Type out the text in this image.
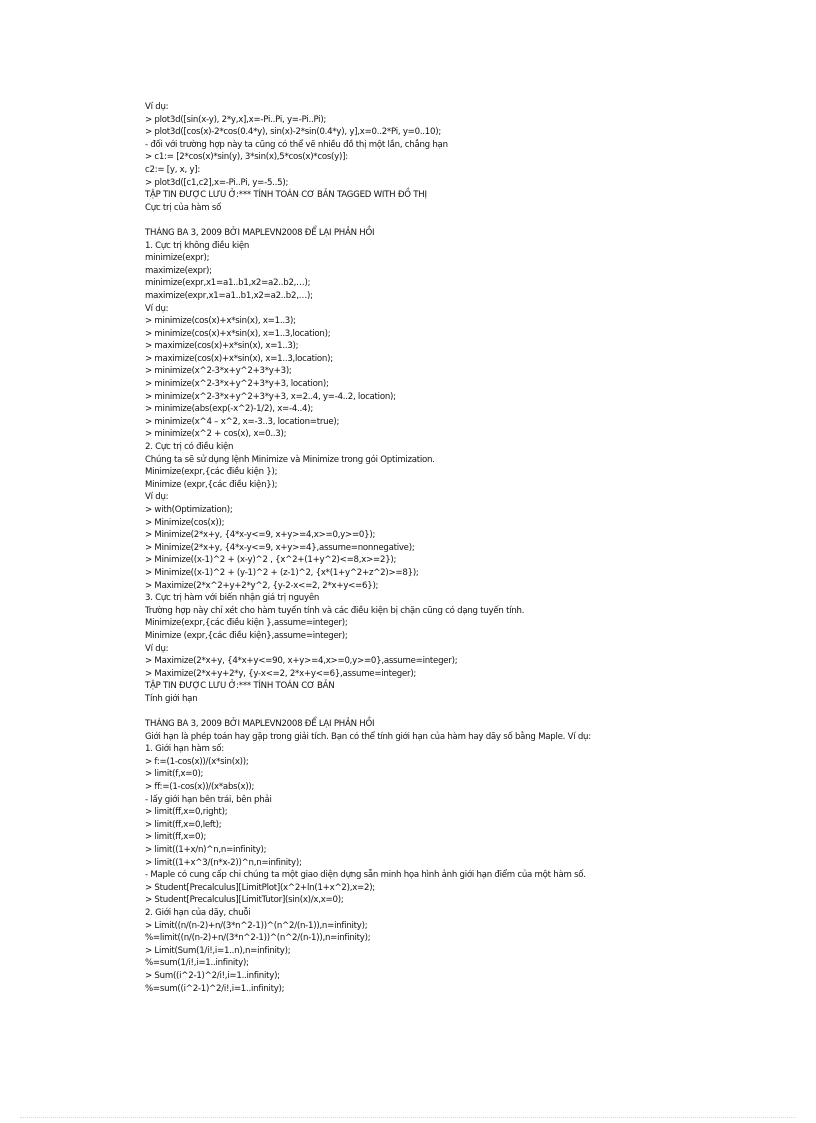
Ví dụ:
> plot3d([sin(x-y), 2*y,x],x=-Pi..Pi, y=-Pi..Pi);
> plot3d([cos(x)-2*cos(0.4*y), sin(x)-2*sin(0.4*y), y],x=0..2*Pi, y=0..10);
- đối với trường hợp này ta cũng có thể vẽ nhiều đồ thị một lần, chẳng hạn
> c1:= [2*cos(x)*sin(y), 3*sin(x),5*cos(x)*cos(y)]:
c2:= [y, x, y]:
> plot3d([c1,c2],x=-Pi..Pi, y=-5..5);
TẬP TIN ĐƯỢC LƯU Ở:*** TÍNH TOÁN CƠ BẢN TAGGED WITH ĐỒ THỊ
Cực trị của hàm số
THÁNG BA 3, 2009 BỞI MAPLEVN2008 ĐỂ LẠI PHẢN HỒI
1. Cực trị không điều kiện
minimize(expr);
maximize(expr);
minimize(expr,x1=a1..b1,x2=a2..b2,…);
maximize(expr,x1=a1..b1,x2=a2..b2,…);
Ví dụ:
> minimize(cos(x)+x*sin(x), x=1..3);
> minimize(cos(x)+x*sin(x), x=1..3,location);
> maximize(cos(x)+x*sin(x), x=1..3);
> maximize(cos(x)+x*sin(x), x=1..3,location);
> minimize(x^2-3*x+y^2+3*y+3);
> minimize(x^2-3*x+y^2+3*y+3, location);
> minimize(x^2-3*x+y^2+3*y+3, x=2..4, y=-4..2, location);
> minimize(abs(exp(-x^2)-1/2), x=-4..4);
> minimize(x^4 – x^2, x=-3..3, location=true);
> minimize(x^2 + cos(x), x=0..3);
2. Cực trị có điều kiện
Chúng ta sẽ sử dụng lệnh Minimize và Minimize trong gói Optimization.
Minimize(expr,{các điều kiện });
Minimize (expr,{các điều kiện});
Ví dụ:
> with(Optimization);
> Minimize(cos(x));
> Minimize(2*x+y, {4*x-y<=9, x+y>=4,x>=0,y>=0});
> Minimize(2*x+y, {4*x-y<=9, x+y>=4},assume=nonnegative);
> Minimize((x-1)^2 + (x-y)^2 , {x^2+(1+y^2)<=8,x>=2});
> Minimize((x-1)^2 + (y-1)^2 + (z-1)^2, {x*(1+y^2+z^2)>=8});
> Maximize(2*x^2+y+2*y^2, {y-2-x<=2, 2*x+y<=6});
3. Cực trị hàm với biến nhận giá trị nguyên
Trường hợp này chỉ xét cho hàm tuyến tính và các điều kiện bị chặn cũng có dạng tuyến tính.
Minimize(expr,{các điều kiện },assume=integer);
Minimize (expr,{các điều kiện},assume=integer);
Ví dụ:
> Maximize(2*x+y, {4*x+y<=90, x+y>=4,x>=0,y>=0},assume=integer);
> Maximize(2*x+y+2*y, {y-x<=2, 2*x+y<=6},assume=integer);
TẬP TIN ĐƯỢC LƯU Ở:*** TÍNH TOÁN CƠ BẢN
Tính giới hạn
THÁNG BA 3, 2009 BỞI MAPLEVN2008 ĐỂ LẠI PHẢN HỒI
Giới hạn là phép toán hay gặp trong giải tích. Bạn có thể tính giới hạn của hàm hay dãy số bằng Maple. Ví dụ:
1. Giới hạn hàm số:
> f:=(1-cos(x))/(x*sin(x));
> limit(f,x=0);
> ff:=(1-cos(x))/(x*abs(x));
- lấy giới hạn bên trái, bên phải
> limit(ff,x=0,right);
> limit(ff,x=0,left);
> limit(ff,x=0);
> limit((1+x/n)^n,n=infinity);
> limit((1+x^3/(n*x-2))^n,n=infinity);
- Maple có cung cấp chi chúng ta một giao diện dựng sẵn minh họa hình ảnh giới hạn điểm của một hàm số.
> Student[Precalculus][LimitPlot](x^2+ln(1+x^2),x=2);
> Student[Precalculus][LimitTutor](sin(x)/x,x=0);
2. Giới hạn của dãy, chuỗi
> Limit((n/(n-2)+n/(3*n^2-1))^(n^2/(n-1)),n=infinity);
%=limit((n/(n-2)+n/(3*n^2-1))^(n^2/(n-1)),n=infinity);
> Limit(Sum(1/i!,i=1..n),n=infinity);
%=sum(1/i!,i=1..infinity);
> Sum((i^2-1)^2/i!,i=1..infinity);
%=sum((i^2-1)^2/i!,i=1..infinity);
